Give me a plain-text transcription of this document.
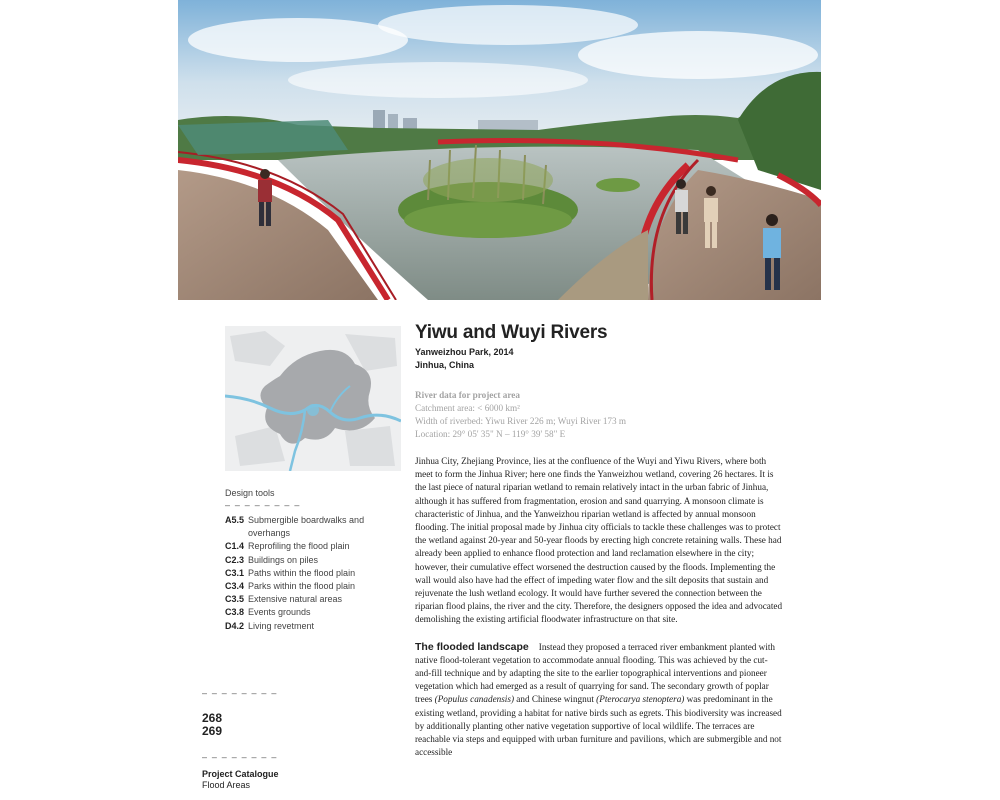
Design tools
– – – – – – – –
A5.5 Submergible boardwalks and overhangs
C1.4 Reprofiling the flood plain
C2.3 Buildings on piles
C3.1 Paths within the flood plain
C3.4 Parks within the flood plain
C3.5 Extensive natural areas
C3.8 Events grounds
D4.2 Living revetment
– – – – – – – –
268
269
– – – – – – – –
Project Catalogue
Flood Areas
Yiwu and Wuyi Rivers
Yanweizhou Park, 2014
Jinhua, China
River data for project area
Catchment area: < 6000 km²
Width of riverbed: Yiwu River 226 m; Wuyi River 173 m
Location: 29° 05' 35" N – 119° 39' 58" E
Jinhua City, Zhejiang Province, lies at the confluence of the Wuyi and Yiwu Rivers, where both meet to form the Jinhua River; here one finds the Yanweizhou wetland, covering 26 hectares. It is the last piece of natural riparian wetland to remain relatively intact in the urban fabric of Jinhua, although it has suffered from fragmentation, erosion and sand quarrying. A monsoon climate is characteristic of Jinhua, and the Yanweizhou riparian wetland is affected by annual monsoon flooding. The initial proposal made by Jinhua city officials to tackle these challenges was to protect the wetland against 20-year and 50-year floods by erecting high concrete retaining walls. These had already been applied to enhance flood protection and land reclamation elsewhere in the city; however, their cumulative effect worsened the destruction caused by the floods. Implementing the wall would also have had the effect of impeding water flow and the silt deposits that sustain and rejuvenate the lush wetland ecology. It would have further severed the connection between the riparian flood plains, the river and the city. Therefore, the designers opposed the idea and advocated demolishing the existing artificial floodwater infrastructure on that site.
The flooded landscape Instead they proposed a terraced river embankment planted with native flood-tolerant vegetation to accommodate annual flooding. This was achieved by the cut-and-fill technique and by adapting the site to the earlier topographical interventions and pioneer vegetation which had emerged as a result of quarrying for sand. The secondary growth of poplar trees (Populus canadensis) and Chinese wingnut (Pterocarya stenoptera) was predominant in the existing wetland, providing a habitat for native birds such as egrets. This biodiversity was increased by additionally planting other native vegetation supportive of local wildlife. The terraces are reachable via steps and equipped with urban furniture and pavilions, which are submergible and not accessible
